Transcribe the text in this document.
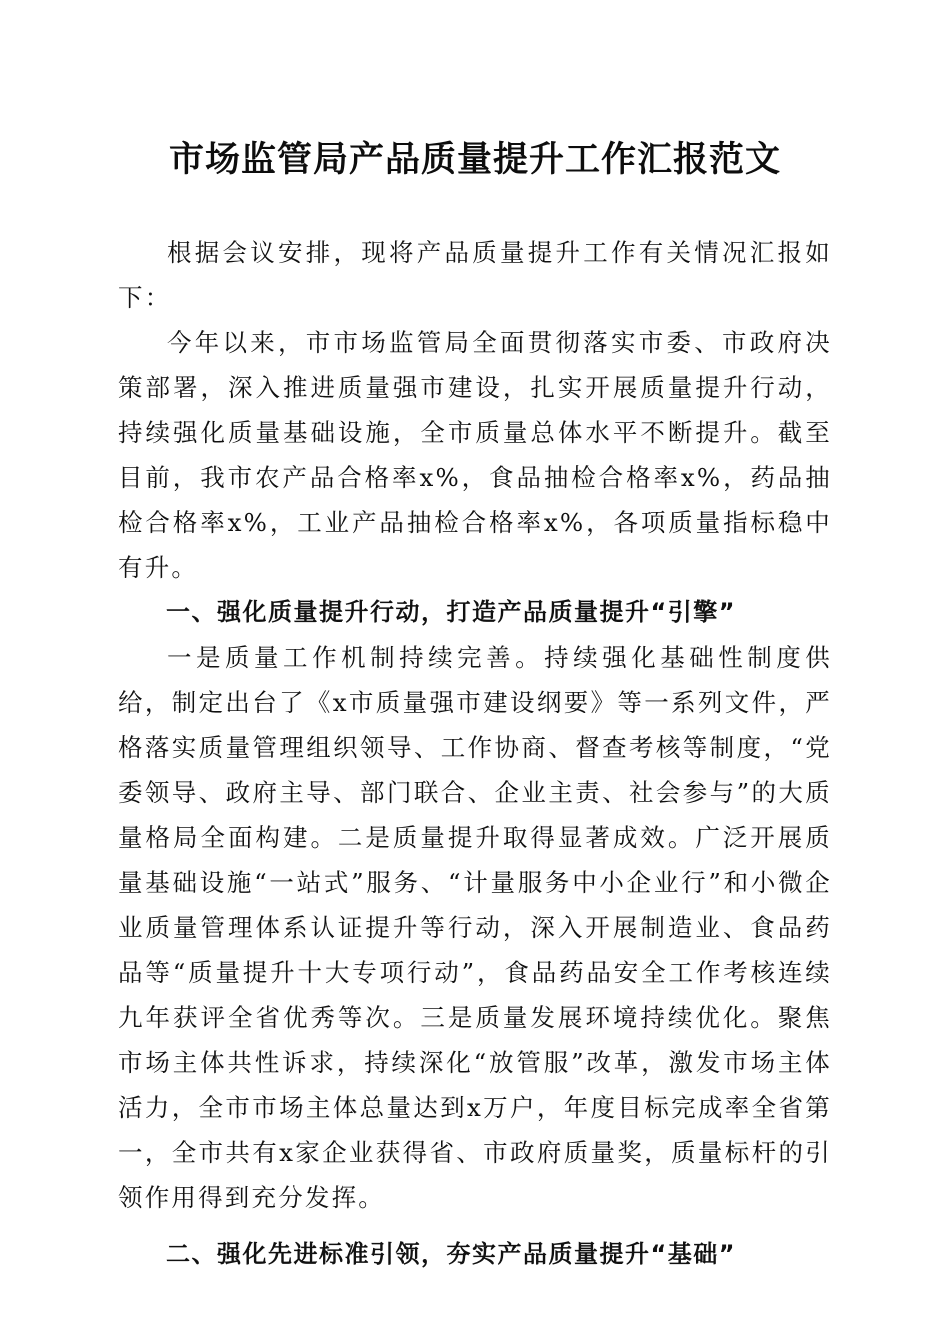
市场监管局产品质量提升工作汇报范文

根据会议安排，现将产品质量提升工作有关情况汇报如下：

今年以来，市市场监管局全面贯彻落实市委、市政府决策部署，深入推进质量强市建设，扎实开展质量提升行动，持续强化质量基础设施，全市质量总体水平不断提升。截至目前，我市农产品合格率x%，食品抽检合格率x%，药品抽检合格率x%，工业产品抽检合格率x%，各项质量指标稳中有升。

一、强化质量提升行动，打造产品质量提升“引擎”

一是质量工作机制持续完善。持续强化基础性制度供给，制定出台了《x市质量强市建设纲要》等一系列文件，严格落实质量管理组织领导、工作协商、督查考核等制度，“党委领导、政府主导、部门联合、企业主责、社会参与”的大质量格局全面构建。二是质量提升取得显著成效。广泛开展质量基础设施“一站式”服务、“计量服务中小企业行”和小微企业质量管理体系认证提升等行动，深入开展制造业、食品药品等“质量提升十大专项行动”，食品药品安全工作考核连续九年获评全省优秀等次。三是质量发展环境持续优化。聚焦市场主体共性诉求，持续深化“放管服”改革，激发市场主体活力，全市市场主体总量达到x万户，年度目标完成率全省第一，全市共有x家企业获得省、市政府质量奖，质量标杆的引领作用得到充分发挥。

二、强化先进标准引领，夯实产品质量提升“基础”
